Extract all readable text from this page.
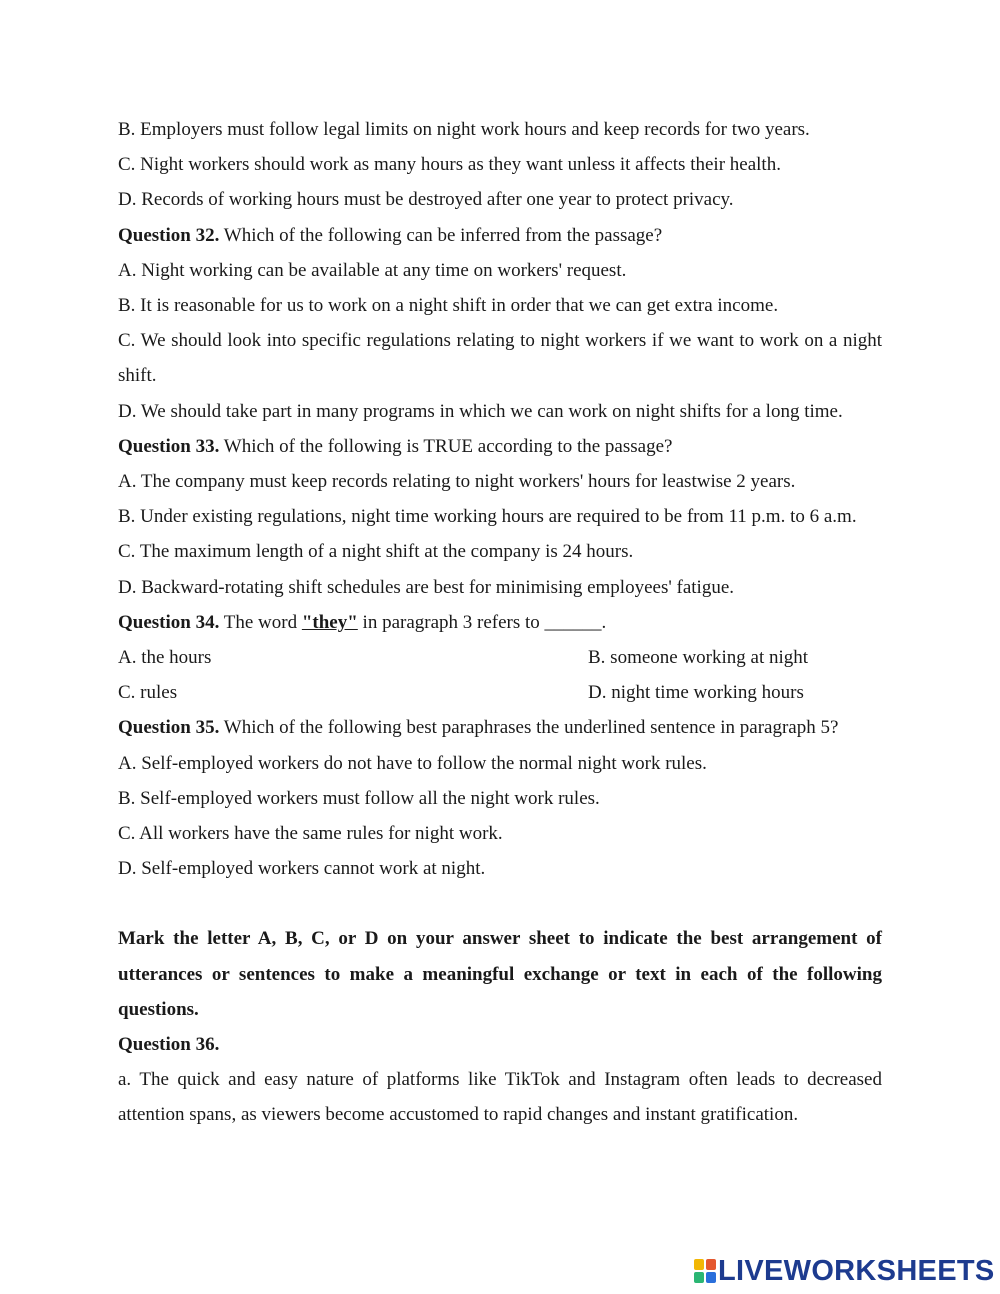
B. Employers must follow legal limits on night work hours and keep records for two years.

C. Night workers should work as many hours as they want unless it affects their health.

D. Records of working hours must be destroyed after one year to protect privacy.

Question 32. Which of the following can be inferred from the passage?

A. Night working can be available at any time on workers' request.

B. It is reasonable for us to work on a night shift in order that we can get extra income.

C. We should look into specific regulations relating to night workers if we want to work on a night shift.

D. We should take part in many programs in which we can work on night shifts for a long time.

Question 33. Which of the following is TRUE according to the passage?

A. The company must keep records relating to night workers' hours for leastwise 2 years.

B. Under existing regulations, night time working hours are required to be from 11 p.m. to 6 a.m.

C. The maximum length of a night shift at the company is 24 hours.

D. Backward-rotating shift schedules are best for minimising employees' fatigue.

Question 34. The word "they" in paragraph 3 refers to ______.

A. the hours	B. someone working at night
C. rules	D. night time working hours

Question 35. Which of the following best paraphrases the underlined sentence in paragraph 5?

A. Self-employed workers do not have to follow the normal night work rules.

B. Self-employed workers must follow all the night work rules.

C. All workers have the same rules for night work.

D. Self-employed workers cannot work at night.

Mark the letter A, B, C, or D on your answer sheet to indicate the best arrangement of utterances or sentences to make a meaningful exchange or text in each of the following questions.

Question 36.

a. The quick and easy nature of platforms like TikTok and Instagram often leads to decreased attention spans, as viewers become accustomed to rapid changes and instant gratification.

LIVEWORKSHEETS
